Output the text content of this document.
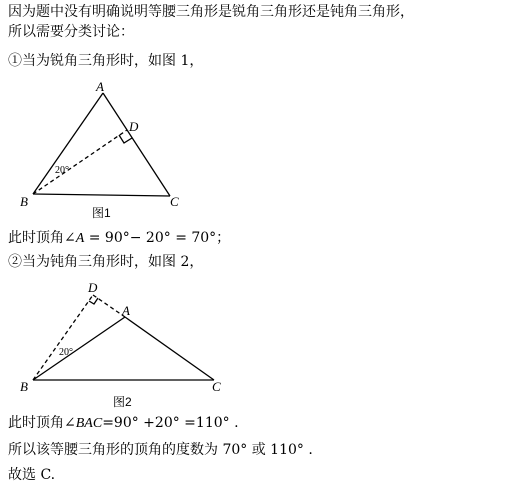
因为题中没有明确说明等腰三角形是锐角三角形还是钝角三角形，
所以需要分类讨论：
①当为锐角三角形时，如图 1，
A
D
B	C
20°
图1
此时顶角∠A = 90°− 20° = 70°；
②当为钝角三角形时，如图 2，
D
A
B	C
20°
图2
此时顶角∠BAC=90° +20° =110° .
所以该等腰三角形的顶角的度数为 70° 或 110° .
故选 C.
